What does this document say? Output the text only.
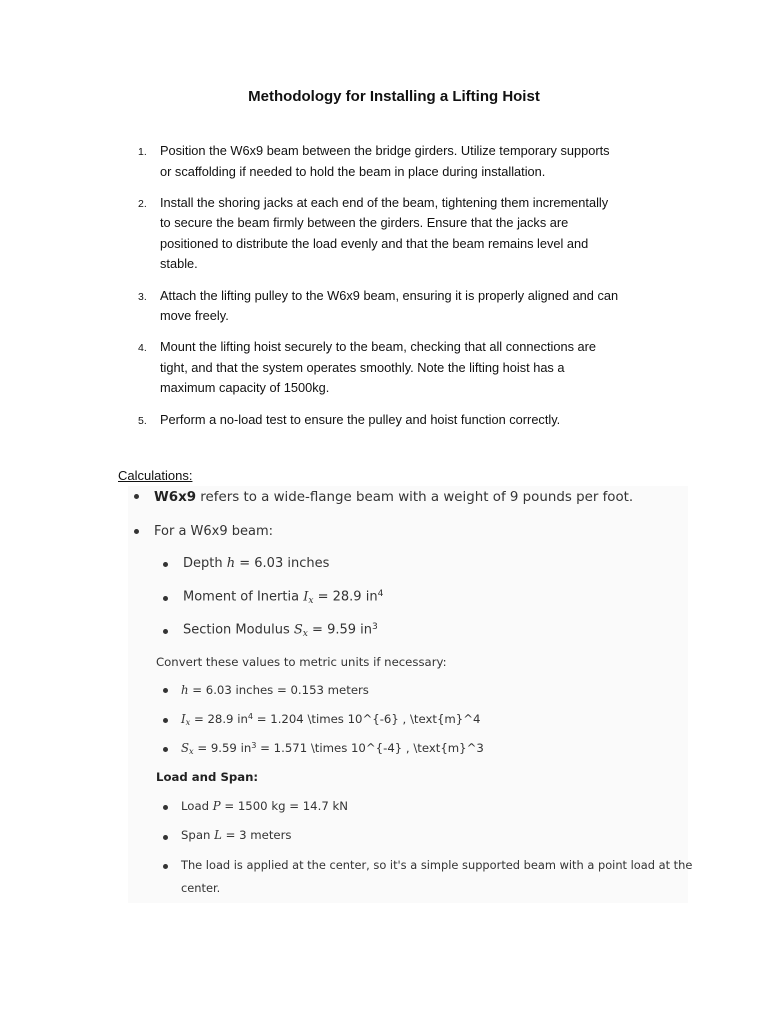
Methodology for Installing a Lifting Hoist
1. Position the W6x9 beam between the bridge girders. Utilize temporary supports
or scaffolding if needed to hold the beam in place during installation.
2. Install the shoring jacks at each end of the beam, tightening them incrementally
to secure the beam firmly between the girders. Ensure that the jacks are
positioned to distribute the load evenly and that the beam remains level and
stable.
3. Attach the lifting pulley to the W6x9 beam, ensuring it is properly aligned and can
move freely.
4. Mount the lifting hoist securely to the beam, checking that all connections are
tight, and that the system operates smoothly. Note the lifting hoist has a
maximum capacity of 1500kg.
5. Perform a no-load test to ensure the pulley and hoist function correctly.
Calculations:
W6x9 refers to a wide-flange beam with a weight of 9 pounds per foot.
For a W6x9 beam:
Depth h = 6.03 inches
Moment of Inertia $I_x = 28.9$ $in^4$
Section Modulus $S_x = 9.59$ $in^3$
Convert these values to metric units if necessary:
h = 6.03 inches = 0.153 meters
$I_x = 28.9$ $in^4 = 1.204$ \times 10^{-6} , \text{m}^4
$S_x = 9.59$ $in^3 = 1.571$ \times 10^{-4} , \text{m}^3
Load and Span:
Load P = 1500 kg = 14.7 kN
Span L = 3 meters
The load is applied at the center, so it's a simple supported beam with a point load at the
center.
